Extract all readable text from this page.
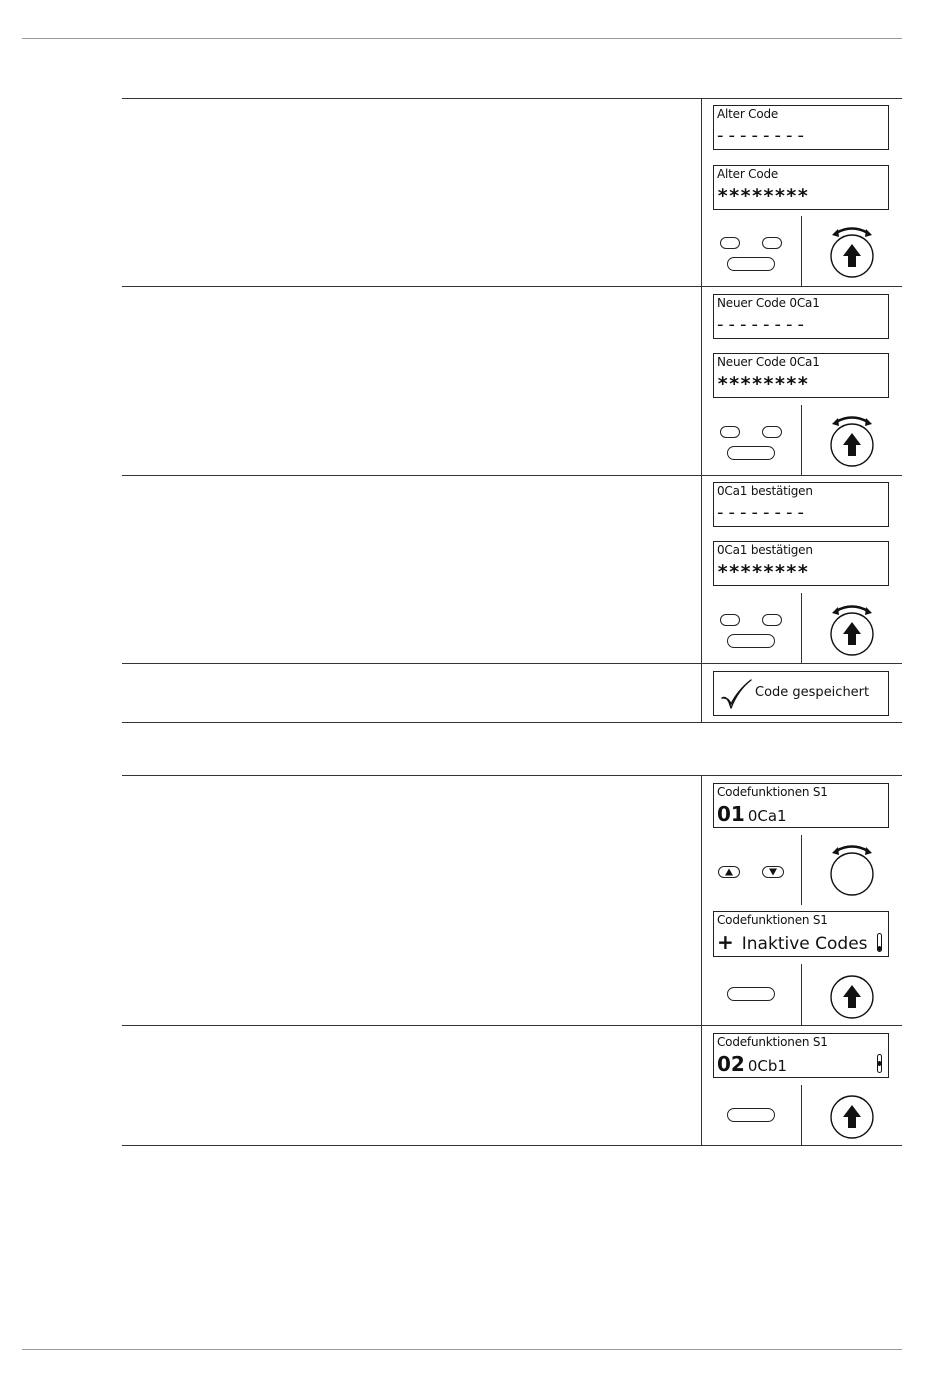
Alter Code
--------
Alter Code
********
Neuer Code 0Ca1
--------
Neuer Code 0Ca1
********
0Ca1 bestätigen
--------
0Ca1 bestätigen
********
Code gespeichert
Codefunktionen S1
01 0Ca1
Codefunktionen S1
+ Inaktive Codes
Codefunktionen S1
02 0Cb1
